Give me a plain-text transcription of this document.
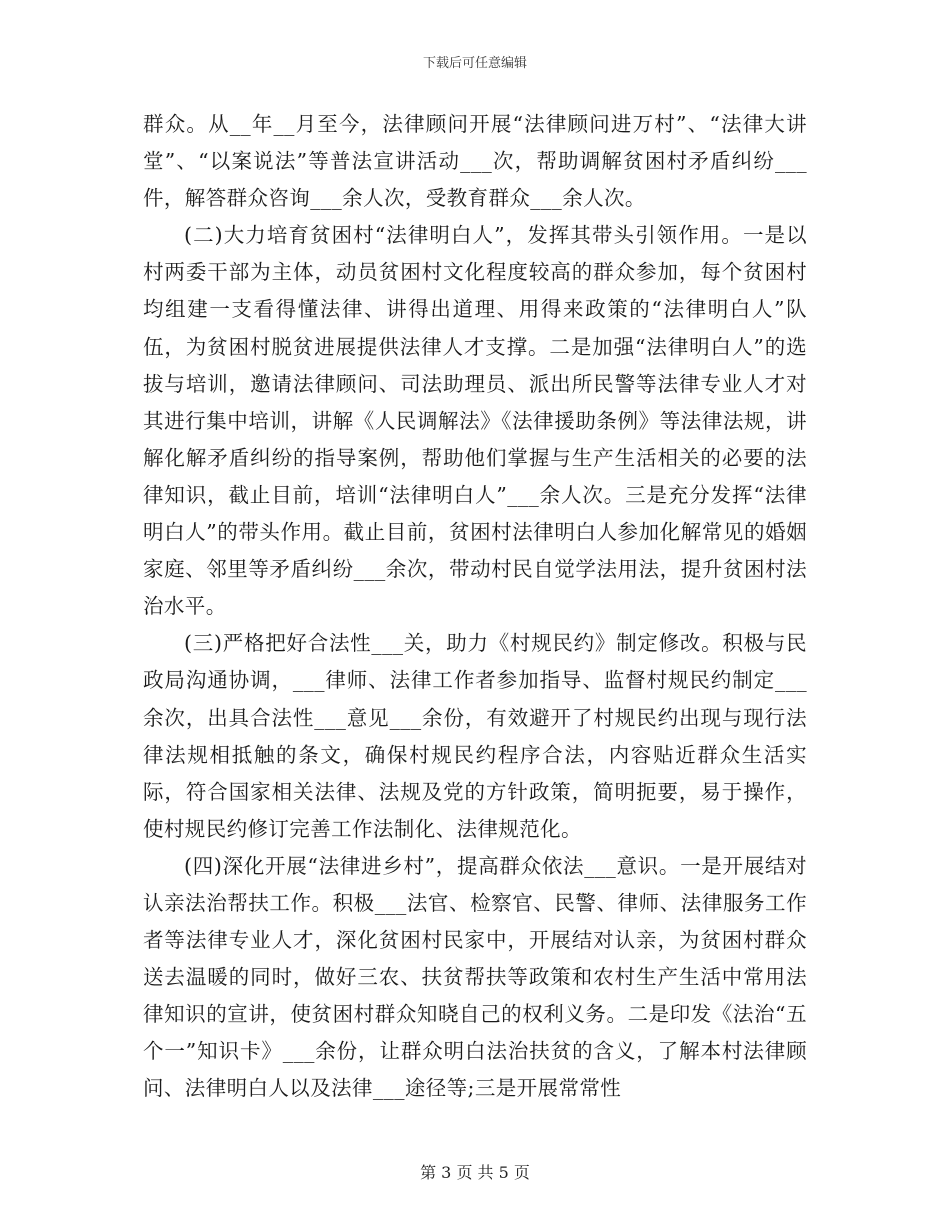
下载后可任意编辑

群众。从__年__月至今，法律顾问开展“法律顾问进万村”、“法律大讲堂”、“以案说法”等普法宣讲活动___次，帮助调解贫困村矛盾纠纷___件，解答群众咨询___余人次，受教育群众___余人次。

(二)大力培育贫困村“法律明白人”，发挥其带头引领作用。一是以村两委干部为主体，动员贫困村文化程度较高的群众参加，每个贫困村均组建一支看得懂法律、讲得出道理、用得来政策的“法律明白人”队伍，为贫困村脱贫进展提供法律人才支撑。二是加强“法律明白人”的选拔与培训，邀请法律顾问、司法助理员、派出所民警等法律专业人才对其进行集中培训，讲解《人民调解法》《法律援助条例》等法律法规，讲解化解矛盾纠纷的指导案例，帮助他们掌握与生产生活相关的必要的法律知识，截止目前，培训“法律明白人”___余人次。三是充分发挥“法律明白人”的带头作用。截止目前，贫困村法律明白人参加化解常见的婚姻家庭、邻里等矛盾纠纷___余次，带动村民自觉学法用法，提升贫困村法治水平。

(三)严格把好合法性___关，助力《村规民约》制定修改。积极与民政局沟通协调，___律师、法律工作者参加指导、监督村规民约制定___余次，出具合法性___意见___余份，有效避开了村规民约出现与现行法律法规相抵触的条文，确保村规民约程序合法，内容贴近群众生活实际，符合国家相关法律、法规及党的方针政策，简明扼要，易于操作，使村规民约修订完善工作法制化、法律规范化。

(四)深化开展“法律进乡村”，提高群众依法___意识。一是开展结对认亲法治帮扶工作。积极___法官、检察官、民警、律师、法律服务工作者等法律专业人才，深化贫困村民家中，开展结对认亲，为贫困村群众送去温暖的同时，做好三农、扶贫帮扶等政策和农村生产生活中常用法律知识的宣讲，使贫困村群众知晓自己的权利义务。二是印发《法治“五个一”知识卡》___余份，让群众明白法治扶贫的含义，了解本村法律顾问、法律明白人以及法律___途径等;三是开展常常性

第 3 页 共 5 页
